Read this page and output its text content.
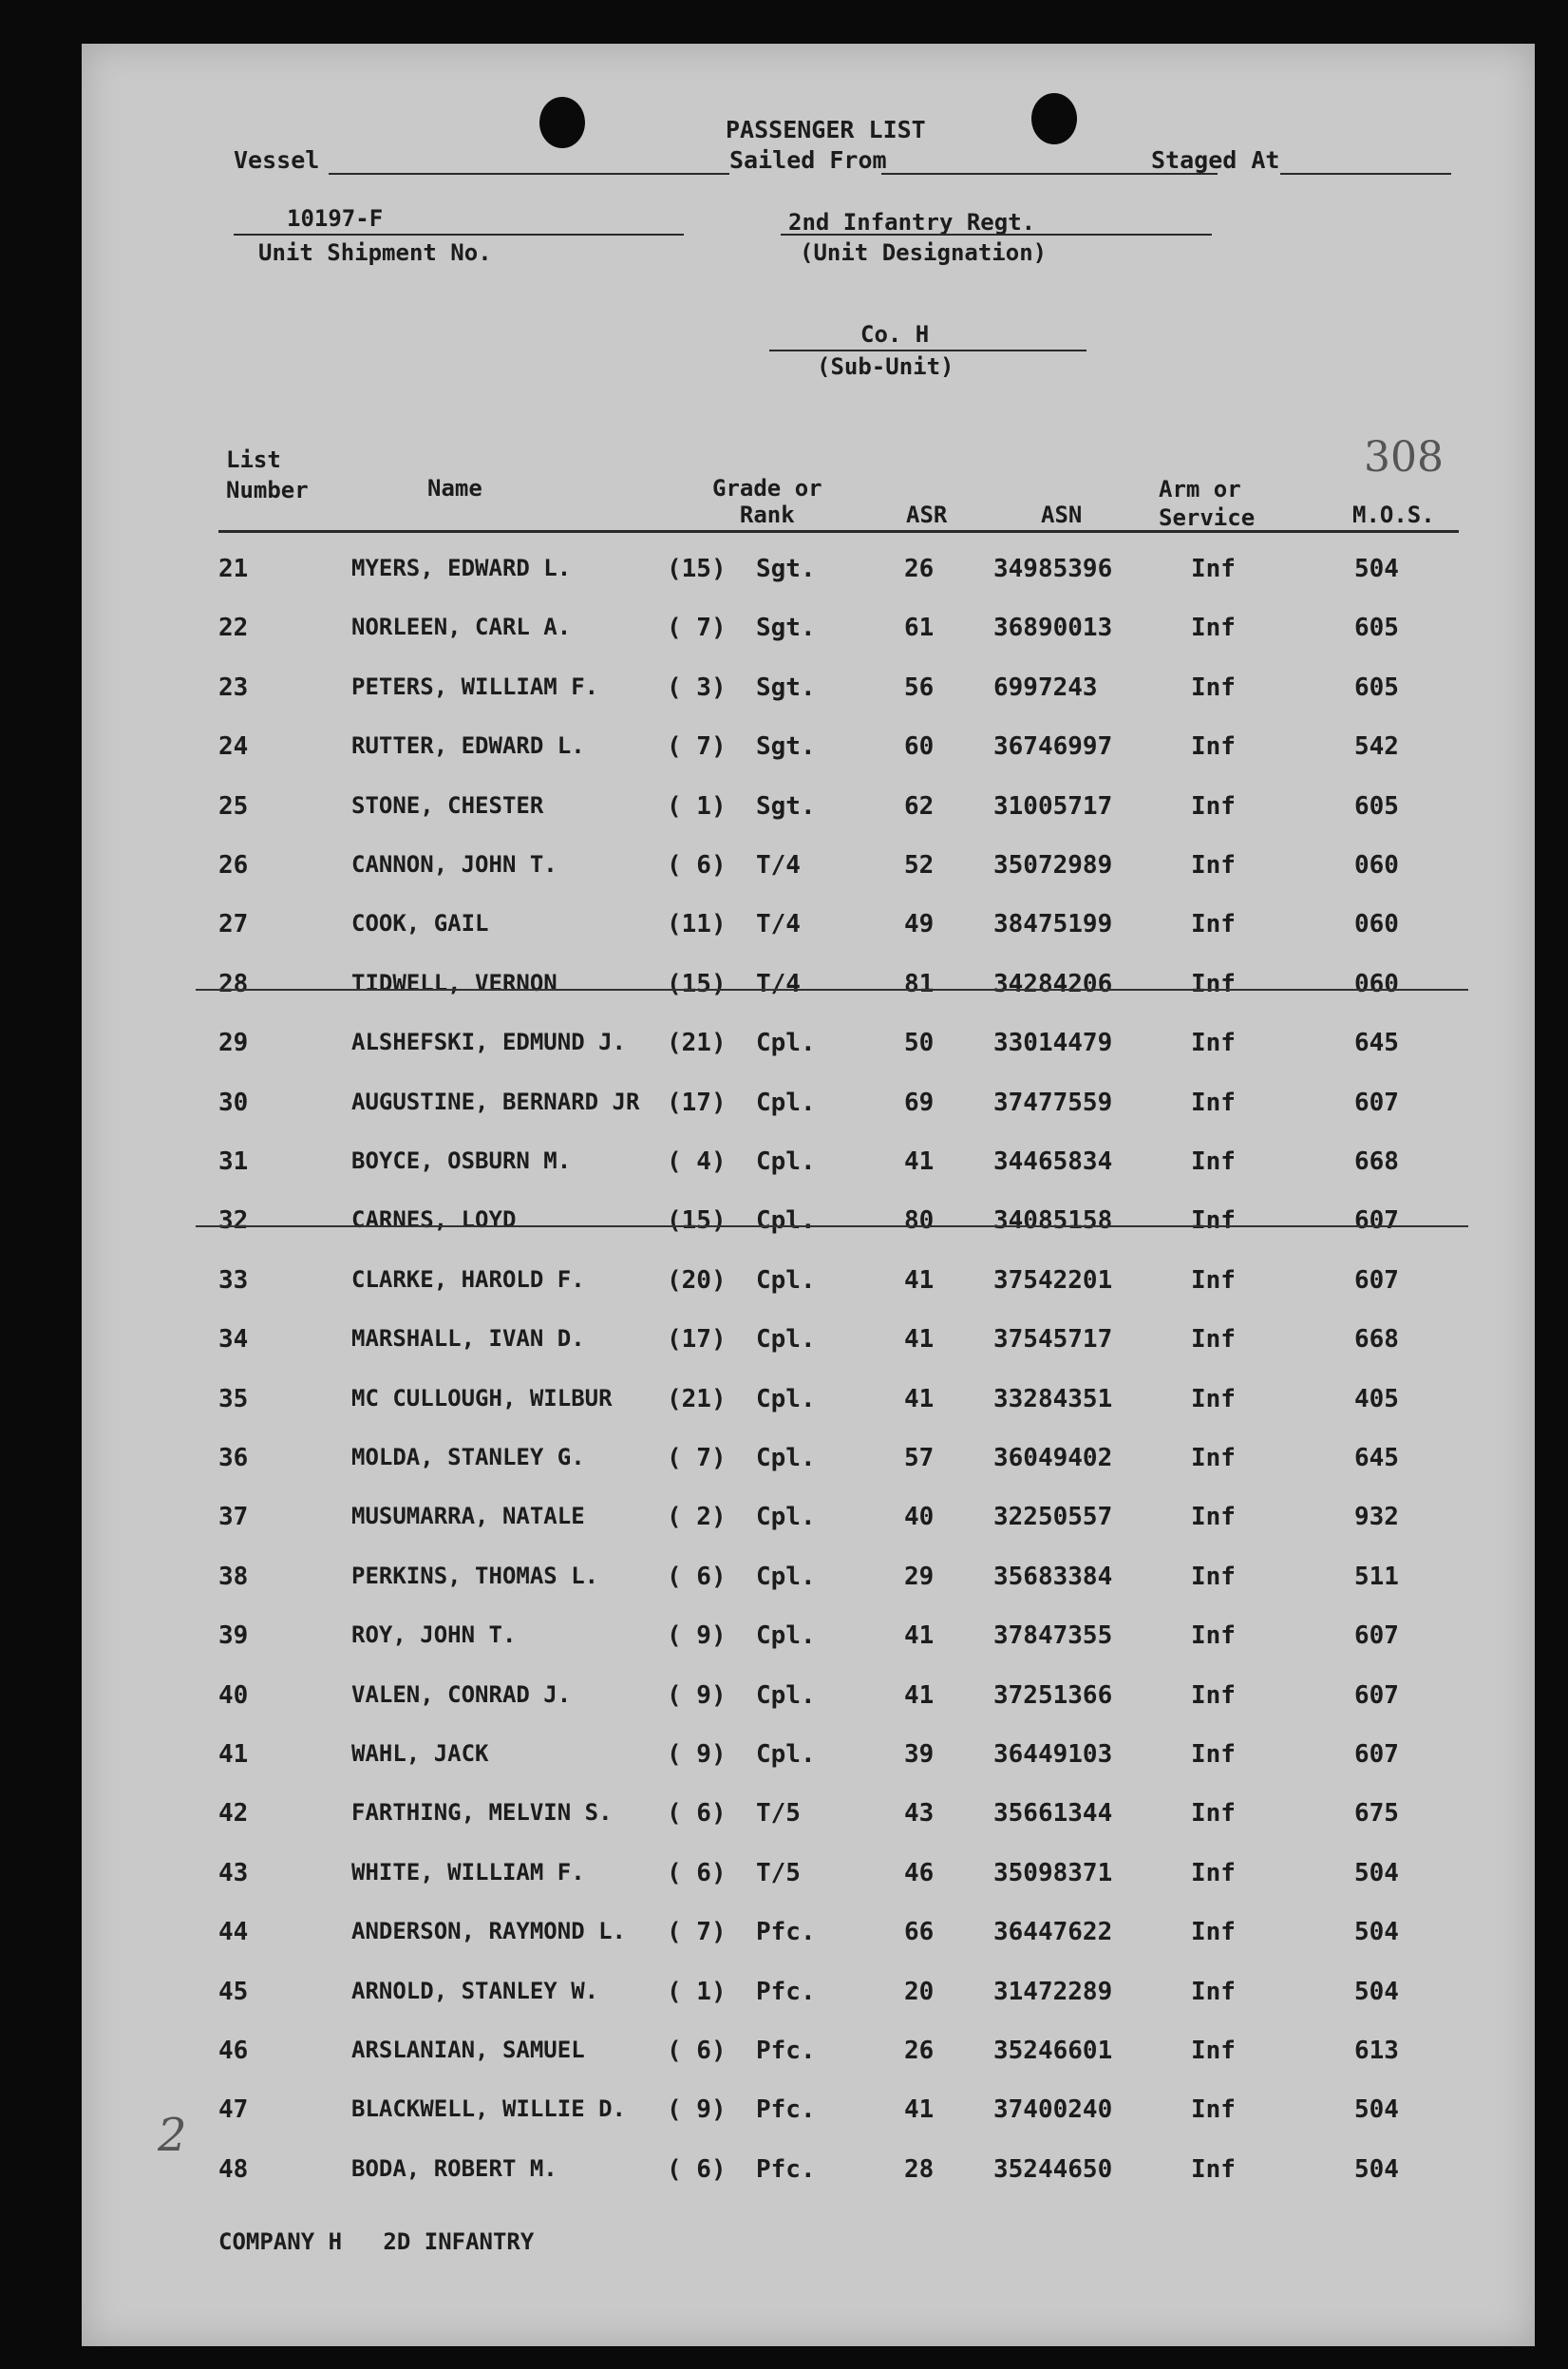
PASSENGER LIST
Vessel	Sailed From	Staged At
10197-F
Unit Shipment No.
2nd Infantry Regt.
(Unit Designation)
Co. H
(Sub-Unit)
308
List
Number	Name	Grade or
Rank	ASR	ASN
Arm or
Service	M.O.S.
21	MYERS, EDWARD L.	(15) Sgt.	26 34985396	Inf	504
22	NORLEEN, CARL A.	( 7) Sgt.	61 36890013	Inf	605
23	PETERS, WILLIAM F.	( 3) Sgt.	56 6997243	Inf	605
24	RUTTER, EDWARD L.	( 7) Sgt.	60 36746997	Inf	542
25	STONE, CHESTER	( 1) Sgt.	62 31005717	Inf	605
26	CANNON, JOHN T.	( 6) T/4	52 35072989	Inf	060
27	COOK, GAIL	(11) T/4	49 38475199	Inf	060
28	TIDWELL, VERNON	(15) T/4	81 34284206	Inf	060
29	ALSHEFSKI, EDMUND J. (21) Cpl.	50 33014479	Inf	645
30	AUGUSTINE, BERNARD JR (17) Cpl.	69 37477559	Inf	607
31	BOYCE, OSBURN M.	( 4) Cpl.	41 34465834	Inf	668
32	CARNES, LOYD	(15) Cpl.	80 34085158	Inf	607
33	CLARKE, HAROLD F.	(20) Cpl.	41 37542201	Inf	607
34	MARSHALL, IVAN D.	(17) Cpl.	41 37545717	Inf	668
35	MC CULLOUGH, WILBUR (21) Cpl.	41 33284351	Inf	405
36	MOLDA, STANLEY G.	( 7) Cpl.	57 36049402	Inf	645
37	MUSUMARRA, NATALE	( 2) Cpl.	40 32250557	Inf	932
38	PERKINS, THOMAS L.	( 6) Cpl.	29 35683384	Inf	511
39	ROY, JOHN T.	( 9) Cpl.	41 37847355	Inf	607
40	VALEN, CONRAD J.	( 9) Cpl.	41 37251366	Inf	607
41	WAHL, JACK	( 9) Cpl.	39 36449103	Inf	607
42	FARTHING, MELVIN S. ( 6) T/5	43 35661344	Inf	675
43	WHITE, WILLIAM F.	( 6) T/5	46 35098371	Inf	504
44	ANDERSON, RAYMOND L. ( 7) Pfc.	66 36447622	Inf	504
45	ARNOLD, STANLEY W.	( 1) Pfc.	20 31472289	Inf	504
46	ARSLANIAN, SAMUEL	( 6) Pfc.	26 35246601	Inf	613
47	BLACKWELL, WILLIE D. ( 9) Pfc.	41 37400240	Inf	504
48	BODA, ROBERT M.	( 6) Pfc.	28 35244650	Inf	504
2
COMPANY H   2D INFANTRY
